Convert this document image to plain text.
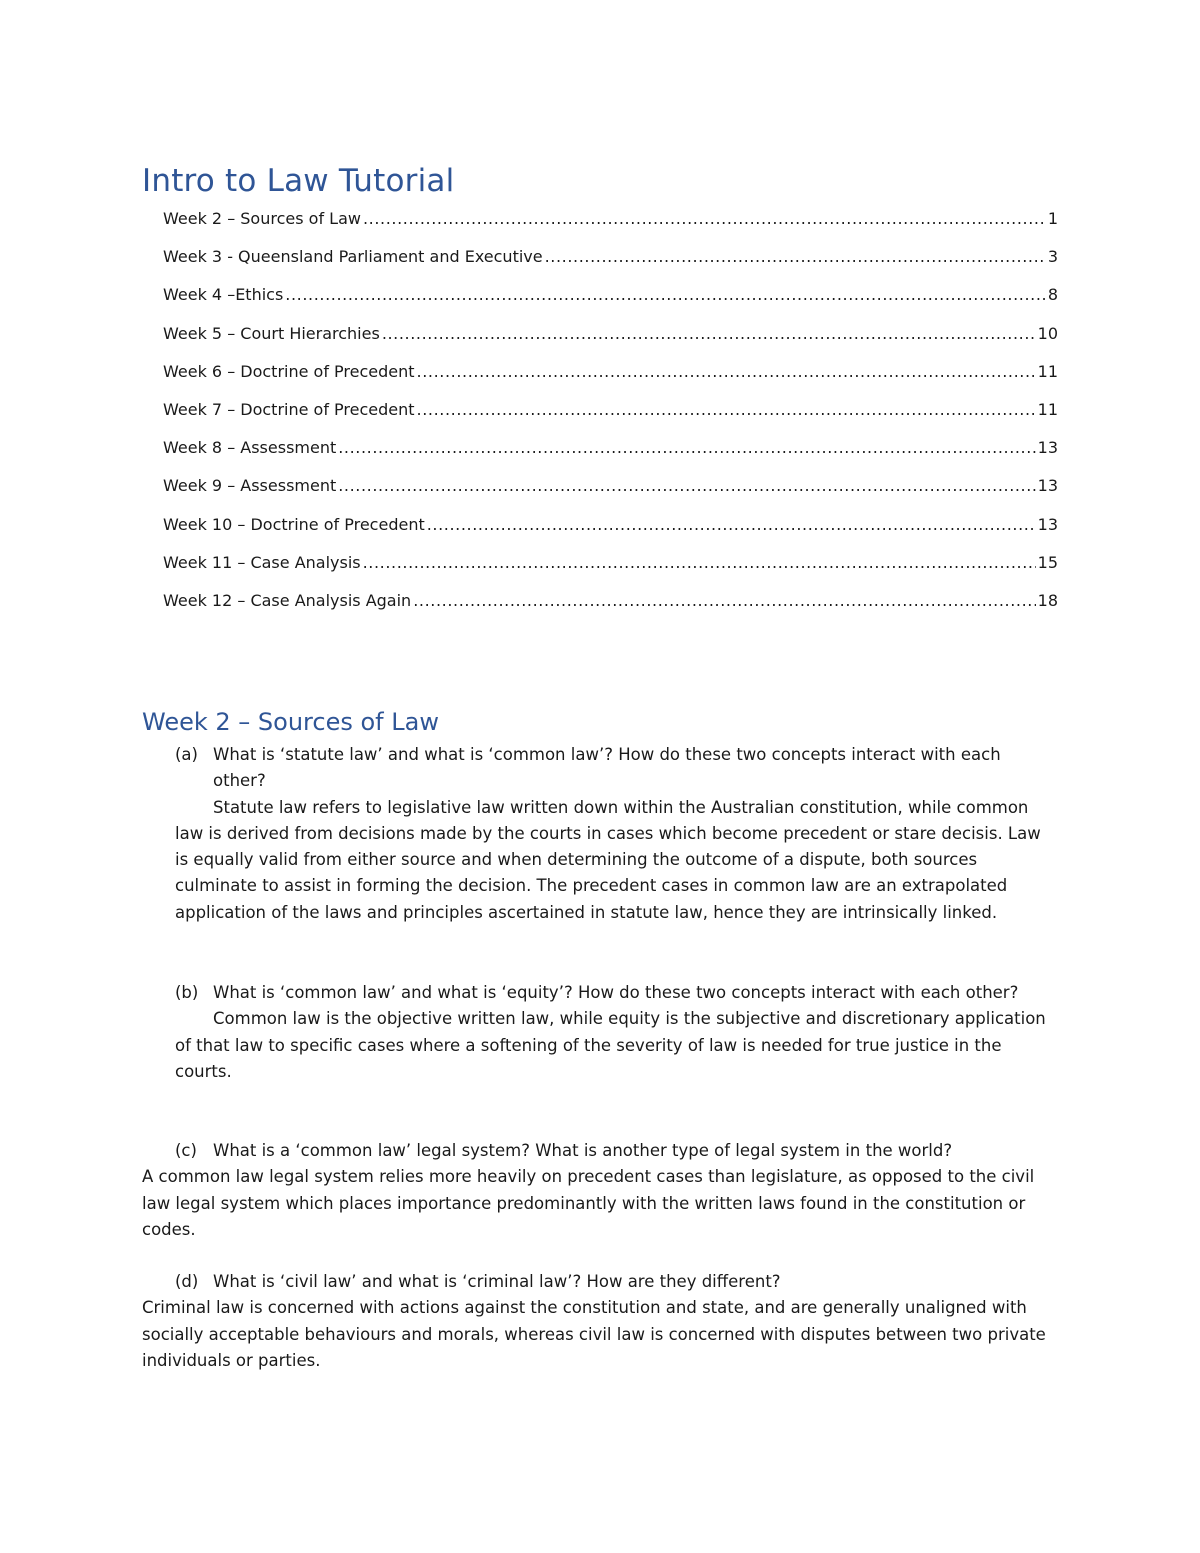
Intro to Law Tutorial
Week 2 – Sources of Law .....	1
Week 3 - Queensland Parliament and Executive .....	3
Week 4 –Ethics .....	8
Week 5 – Court Hierarchies .....	10
Week 6 – Doctrine of Precedent .....	11
Week 7 – Doctrine of Precedent .....	11
Week 8 – Assessment .....	13
Week 9 – Assessment .....	13
Week 10 – Doctrine of Precedent .....	13
Week 11 – Case Analysis .....	15
Week 12 – Case Analysis Again .....	18
Week 2 – Sources of Law
(a) What is ‘statute law’ and what is ‘common law’? How do these two concepts interact with each other?

Statute law refers to legislative law written down within the Australian constitution, while common law is derived from decisions made by the courts in cases which become precedent or stare decisis. Law is equally valid from either source and when determining the outcome of a dispute, both sources culminate to assist in forming the decision. The precedent cases in common law are an extrapolated application of the laws and principles ascertained in statute law, hence they are intrinsically linked.

(b) What is ‘common law’ and what is ‘equity’? How do these two concepts interact with each other?

Common law is the objective written law, while equity is the subjective and discretionary application of that law to specific cases where a softening of the severity of law is needed for true justice in the courts.

(c) What is a ‘common law’ legal system? What is another type of legal system in the world?

A common law legal system relies more heavily on precedent cases than legislature, as opposed to the civil law legal system which places importance predominantly with the written laws found in the constitution or codes.

(d) What is ‘civil law’ and what is ‘criminal law’? How are they different?

Criminal law is concerned with actions against the constitution and state, and are generally unaligned with socially acceptable behaviours and morals, whereas civil law is concerned with disputes between two private individuals or parties.
